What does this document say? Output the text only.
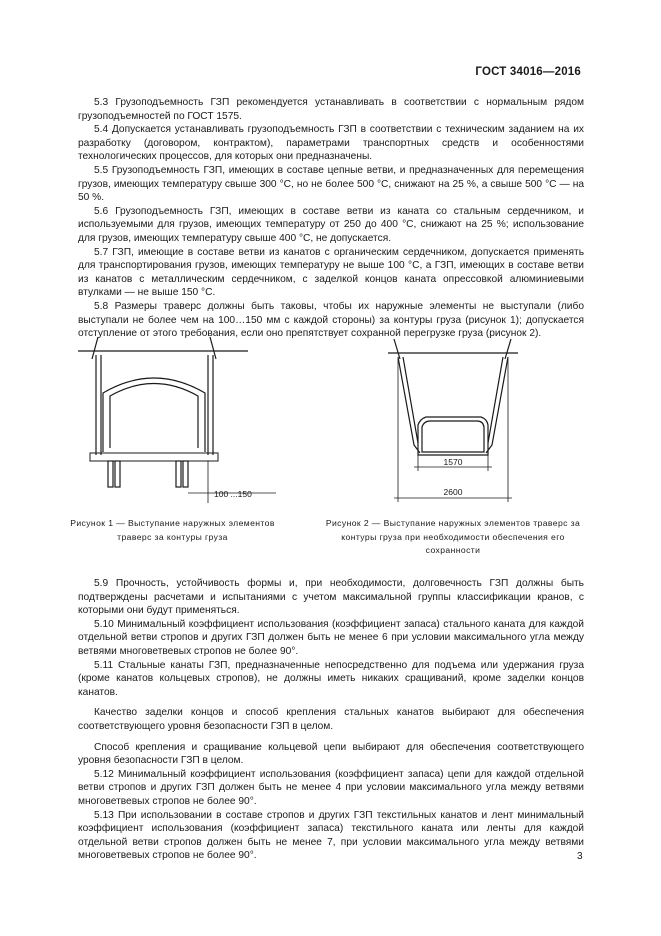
ГОСТ 34016—2016

5.3 Грузоподъемность ГЗП рекомендуется устанавливать в соответствии с нормальным рядом грузоподъемностей по ГОСТ 1575.

5.4 Допускается устанавливать грузоподъемность ГЗП в соответствии с техническим заданием на их разработку (договором, контрактом), параметрами транспортных средств и особенностями технологических процессов, для которых они предназначены.

5.5 Грузоподъемность ГЗП, имеющих в составе цепные ветви, и предназначенных для перемещения грузов, имеющих температуру свыше 300 °С, но не более 500 °С, снижают на 25 %, а свыше 500 °С — на 50 %.

5.6 Грузоподъемность ГЗП, имеющих в составе ветви из каната со стальным сердечником, и используемыми для грузов, имеющих температуру от 250 до 400 °С, снижают на 25 %; использование для грузов, имеющих температуру свыше 400 °С, не допускается.

5.7 ГЗП, имеющие в составе ветви из канатов с органическим сердечником, допускается применять для транспортирования грузов, имеющих температуру не выше 100 °С, а ГЗП, имеющих в составе ветви из канатов с металлическим сердечником, с заделкой концов каната опрессовкой алюминиевыми втулками — не выше 150 °С.

5.8 Размеры траверс должны быть таковы, чтобы их наружные элементы не выступали (либо выступали не более чем на 100…150 мм с каждой стороны) за контуры груза (рисунок 1); допускается отступление от этого требования, если оно препятствует сохранной перегрузке груза (рисунок 2).

100 ...150
Рисунок 1 — Выступание наружных элементов траверс за контуры груза
1570
2600
Рисунок 2 — Выступание наружных элементов траверс за контуры груза при необходимости обеспечения его сохранности

5.9 Прочность, устойчивость формы и, при необходимости, долговечность ГЗП должны быть подтверждены расчетами и испытаниями с учетом максимальной группы классификации кранов, с которыми они будут применяться.

5.10 Минимальный коэффициент использования (коэффициент запаса) стального каната для каждой отдельной ветви стропов и других ГЗП должен быть не менее 6 при условии максимального угла между ветвями многоветвевых стропов не более 90°.

5.11 Стальные канаты ГЗП, предназначенные непосредственно для подъема или удержания груза (кроме канатов кольцевых стропов), не должны иметь никаких сращиваний, кроме заделки концов канатов.

Качество заделки концов и способ крепления стальных канатов выбирают для обеспечения соответствующего уровня безопасности ГЗП в целом.

Способ крепления и сращивание кольцевой цепи выбирают для обеспечения соответствующего уровня безопасности ГЗП в целом.

5.12 Минимальный коэффициент использования (коэффициент запаса) цепи для каждой отдельной ветви стропов и других ГЗП должен быть не менее 4 при условии максимального угла между ветвями многоветвевых стропов не более 90°.

5.13 При использовании в составе стропов и других ГЗП текстильных канатов и лент минимальный коэффициент использования (коэффициент запаса) текстильного каната или ленты для каждой отдельной ветви стропов должен быть не менее 7, при условии максимального угла между ветвями многоветвевых стропов не более 90°.	3
